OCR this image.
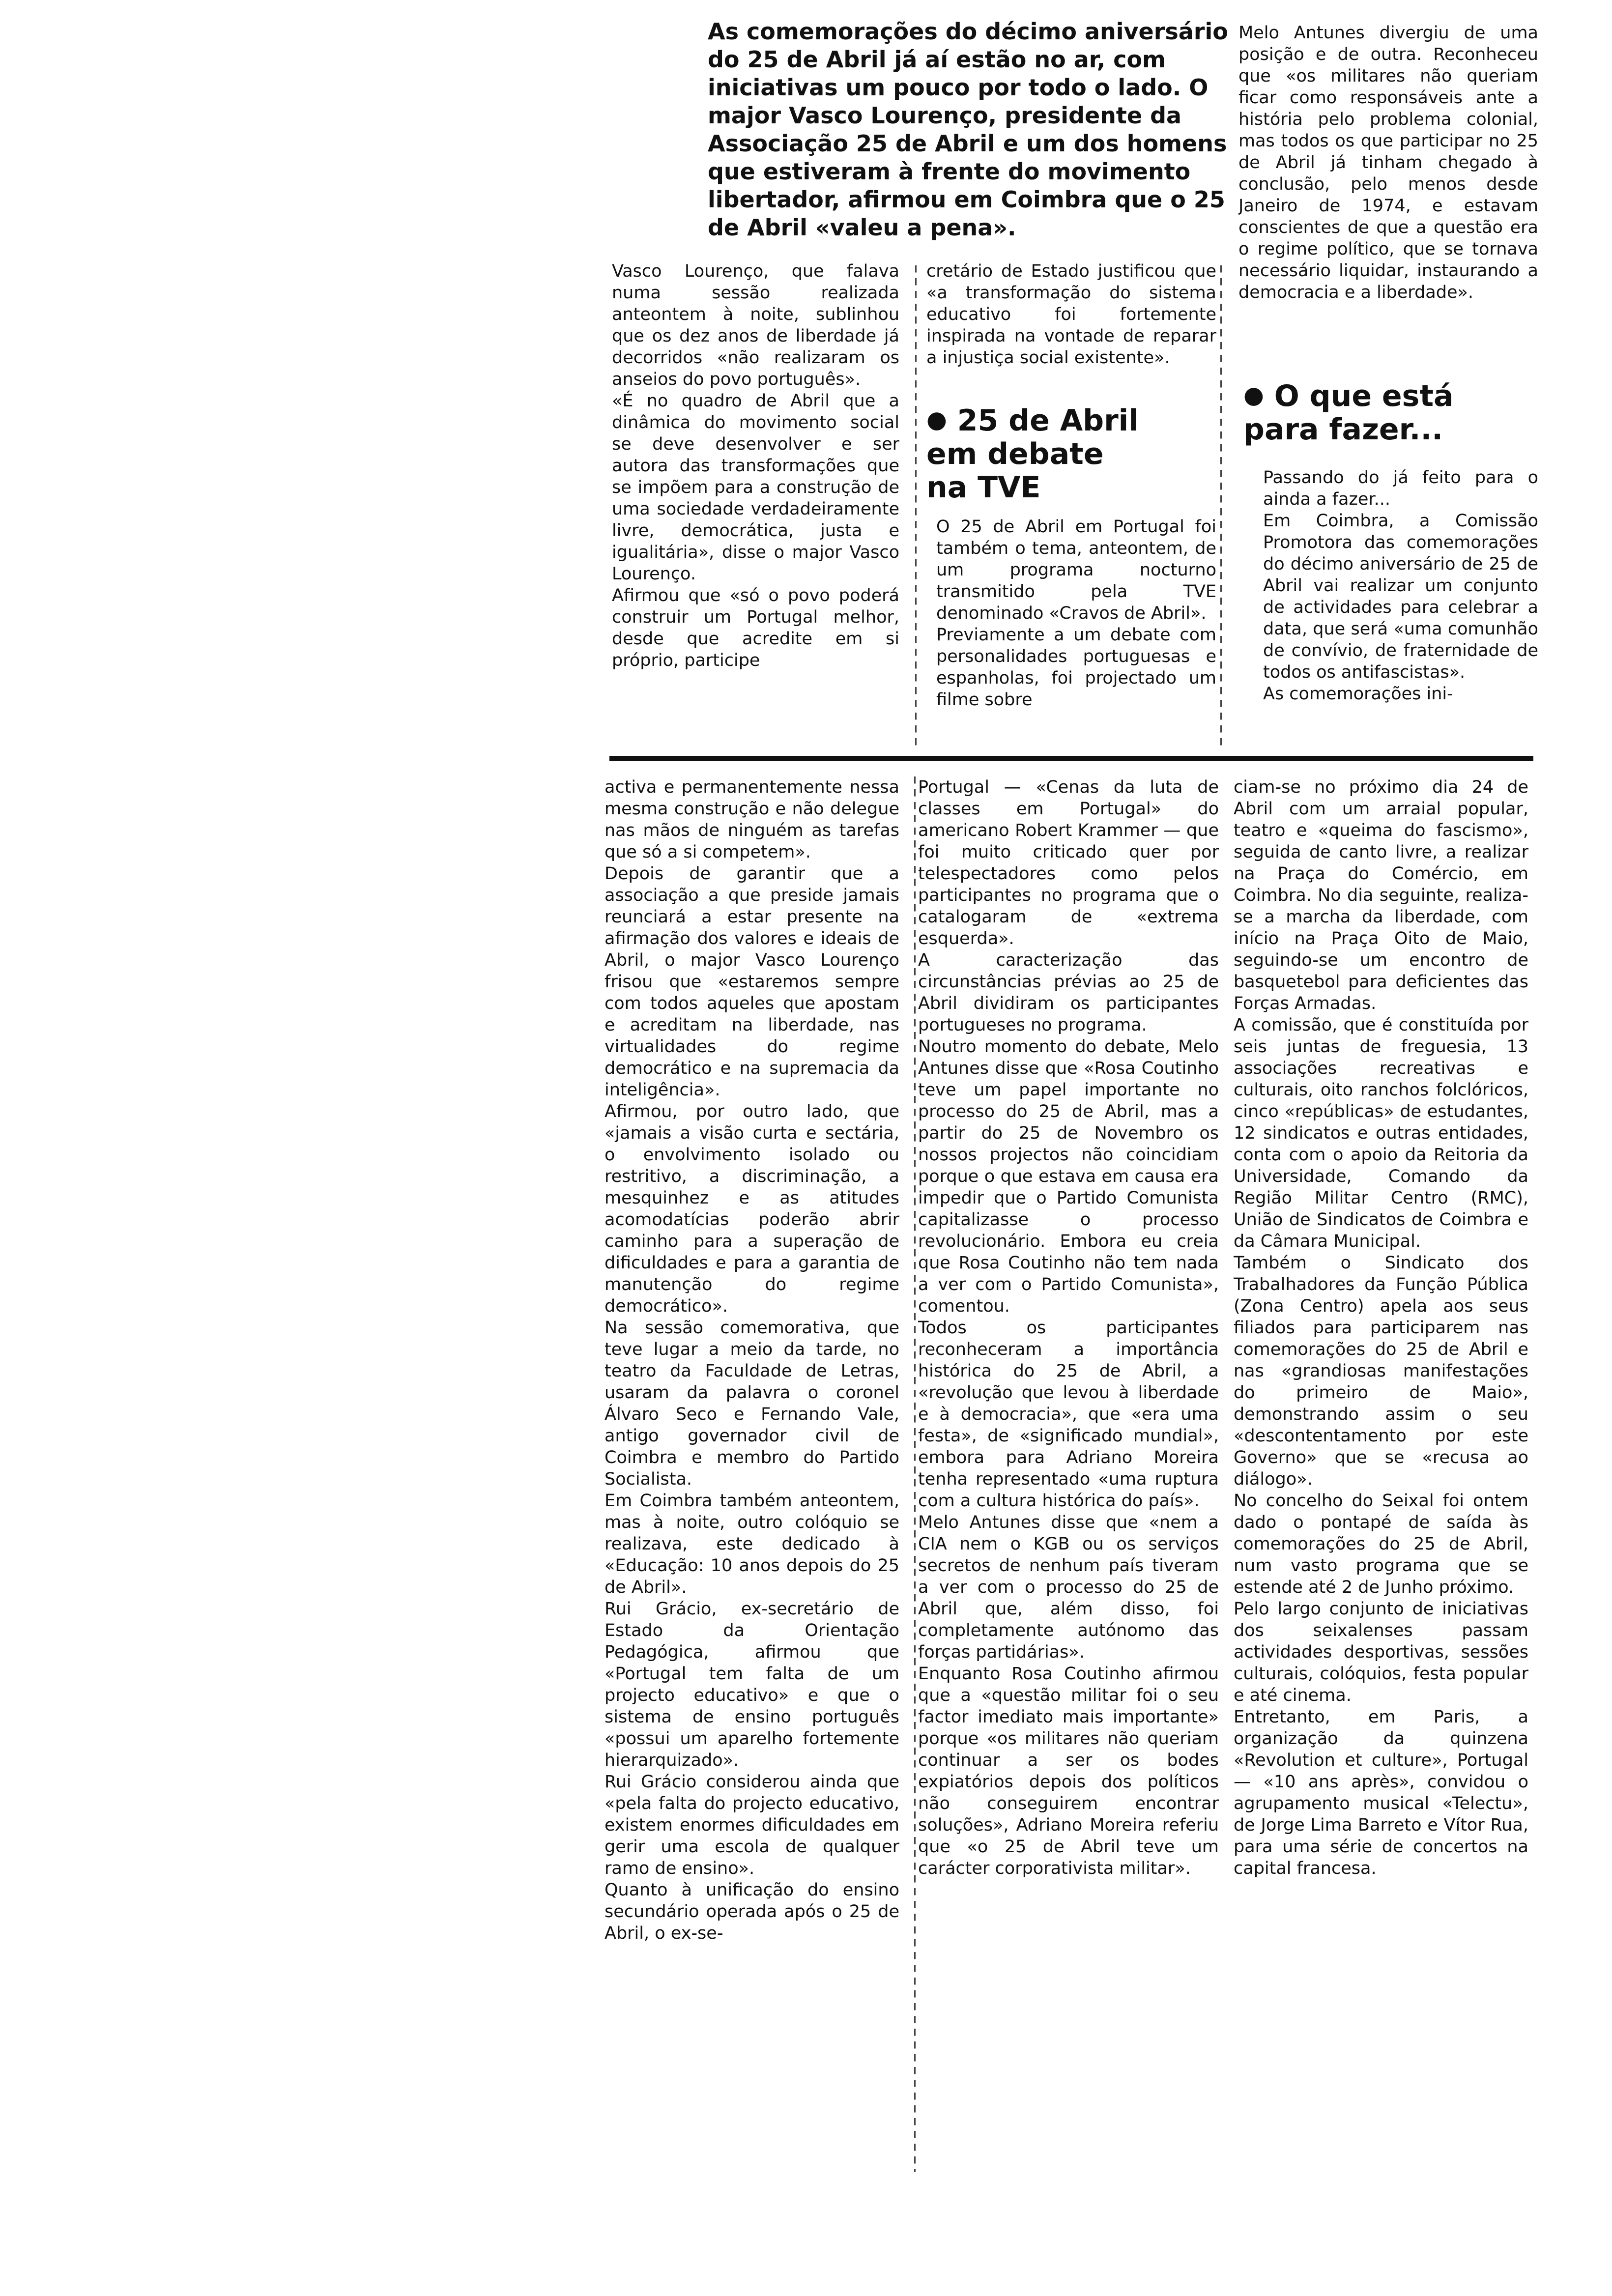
As comemorações do décimo aniversário do 25 de Abril já aí estão no ar, com iniciativas um pouco por todo o lado. O major Vasco Lourenço, presidente da Associação 25 de Abril e um dos homens que estiveram à frente do movimento libertador, afirmou em Coimbra que o 25 de Abril «valeu a pena».

Vasco Lourenço, que falava numa sessão realizada anteontem à noite, sublinhou que os dez anos de liberdade já decorridos «não realizaram os anseios do povo português».
«É no quadro de Abril que a dinâmica do movimento social se deve desenvolver e ser autora das transformações que se impõem para a construção de uma sociedade verdadeiramente livre, democrática, justa e igualitária», disse o major Vasco Lourenço.
Afirmou que «só o povo poderá construir um Portugal melhor, desde que acredite em si próprio, participe

cretário de Estado justificou que «a transformação do sistema educativo foi fortemente inspirada na vontade de reparar a injustiça social existente».

● 25 de Abril
em debate
na TVE

O 25 de Abril em Portugal foi também o tema, anteontem, de um programa nocturno transmitido pela TVE denominado «Cravos de Abril».
Previamente a um debate com personalidades portuguesas e espanholas, foi projectado um filme sobre

Melo Antunes divergiu de uma posição e de outra. Reconheceu que «os militares não queriam ficar como responsáveis ante a história pelo problema colonial, mas todos os que participar no 25 de Abril já tinham chegado à conclusão, pelo menos desde Janeiro de 1974, e estavam conscientes de que a questão era o regime político, que se tornava necessário liquidar, instaurando a democracia e a liberdade».

● O que está
para fazer...

Passando do já feito para o ainda a fazer...
Em Coimbra, a Comissão Promotora das comemorações do décimo aniversário de 25 de Abril vai realizar um conjunto de actividades para celebrar a data, que será «uma comunhão de convívio, de fraternidade de todos os antifascistas».
As comemorações ini-

activa e permanentemente nessa mesma construção e não delegue nas mãos de ninguém as tarefas que só a si competem».
Depois de garantir que a associação a que preside jamais reunciará a estar presente na afirmação dos valores e ideais de Abril, o major Vasco Lourenço frisou que «estaremos sempre com todos aqueles que apostam e acreditam na liberdade, nas virtualidades do regime democrático e na supremacia da inteligência».
Afirmou, por outro lado, que «jamais a visão curta e sectária, o envolvimento isolado ou restritivo, a discriminação, a mesquinhez e as atitudes acomodatícias poderão abrir caminho para a superação de dificuldades e para a garantia de manutenção do regime democrático».
Na sessão comemorativa, que teve lugar a meio da tarde, no teatro da Faculdade de Letras, usaram da palavra o coronel Álvaro Seco e Fernando Vale, antigo governador civil de Coimbra e membro do Partido Socialista.
Em Coimbra também anteontem, mas à noite, outro colóquio se realizava, este dedicado à «Educação: 10 anos depois do 25 de Abril».
Rui Grácio, ex-secretário de Estado da Orientação Pedagógica, afirmou que «Portugal tem falta de um projecto educativo» e que o sistema de ensino português «possui um aparelho fortemente hierarquizado».
Rui Grácio considerou ainda que «pela falta do projecto educativo, existem enormes dificuldades em gerir uma escola de qualquer ramo de ensino».
Quanto à unificação do ensino secundário operada após o 25 de Abril, o ex-se-

Portugal — «Cenas da luta de classes em Portugal» do americano Robert Krammer — que foi muito criticado quer por telespectadores como pelos participantes no programa que o catalogaram de «extrema esquerda».
A caracterização das circunstâncias prévias ao 25 de Abril dividiram os participantes portugueses no programa.
Noutro momento do debate, Melo Antunes disse que «Rosa Coutinho teve um papel importante no processo do 25 de Abril, mas a partir do 25 de Novembro os nossos projectos não coincidiam porque o que estava em causa era impedir que o Partido Comunista capitalizasse o processo revolucionário. Embora eu creia que Rosa Coutinho não tem nada a ver com o Partido Comunista», comentou.
Todos os participantes reconheceram a importância histórica do 25 de Abril, a «revolução que levou à liberdade e à democracia», que «era uma festa», de «significado mundial», embora para Adriano Moreira tenha representado «uma ruptura com a cultura histórica do país».
Melo Antunes disse que «nem a CIA nem o KGB ou os serviços secretos de nenhum país tiveram a ver com o processo do 25 de Abril que, além disso, foi completamente autónomo das forças partidárias».
Enquanto Rosa Coutinho afirmou que a «questão militar foi o seu factor imediato mais importante» porque «os militares não queriam continuar a ser os bodes expiatórios depois dos políticos não conseguirem encontrar soluções», Adriano Moreira referiu que «o 25 de Abril teve um carácter corporativista militar».

ciam-se no próximo dia 24 de Abril com um arraial popular, teatro e «queima do fascismo», seguida de canto livre, a realizar na Praça do Comércio, em Coimbra. No dia seguinte, realiza-se a marcha da liberdade, com início na Praça Oito de Maio, seguindo-se um encontro de basquetebol para deficientes das Forças Armadas.
A comissão, que é constituída por seis juntas de freguesia, 13 associações recreativas e culturais, oito ranchos folclóricos, cinco «repúblicas» de estudantes, 12 sindicatos e outras entidades, conta com o apoio da Reitoria da Universidade, Comando da Região Militar Centro (RMC), União de Sindicatos de Coimbra e da Câmara Municipal.
Também o Sindicato dos Trabalhadores da Função Pública (Zona Centro) apela aos seus filiados para participarem nas comemorações do 25 de Abril e nas «grandiosas manifestações do primeiro de Maio», demonstrando assim o seu «descontentamento por este Governo» que se «recusa ao diálogo».
No concelho do Seixal foi ontem dado o pontapé de saída às comemorações do 25 de Abril, num vasto programa que se estende até 2 de Junho próximo.
Pelo largo conjunto de iniciativas dos seixalenses passam actividades desportivas, sessões culturais, colóquios, festa popular e até cinema.
Entretanto, em Paris, a organização da quinzena «Revolution et culture», Portugal — «10 ans après», convidou o agrupamento musical «Telectu», de Jorge Lima Barreto e Vítor Rua, para uma série de concertos na capital francesa.
